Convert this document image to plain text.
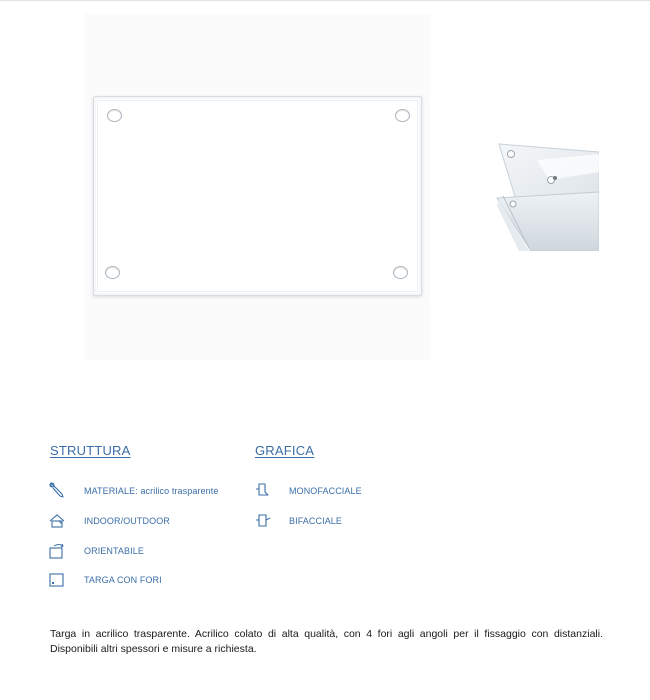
STRUTTURA
MATERIALE: acrilico trasparente
INDOOR/OUTDOOR
ORIENTABILE
TARGA CON FORI
GRAFICA
MONOFACCIALE
BIFACCIALE

Targa in acrilico trasparente. Acrilico colato di alta qualità, con 4 fori agli angoli per il fissaggio con distanziali.

Disponibili altri spessori e misure a richiesta.
